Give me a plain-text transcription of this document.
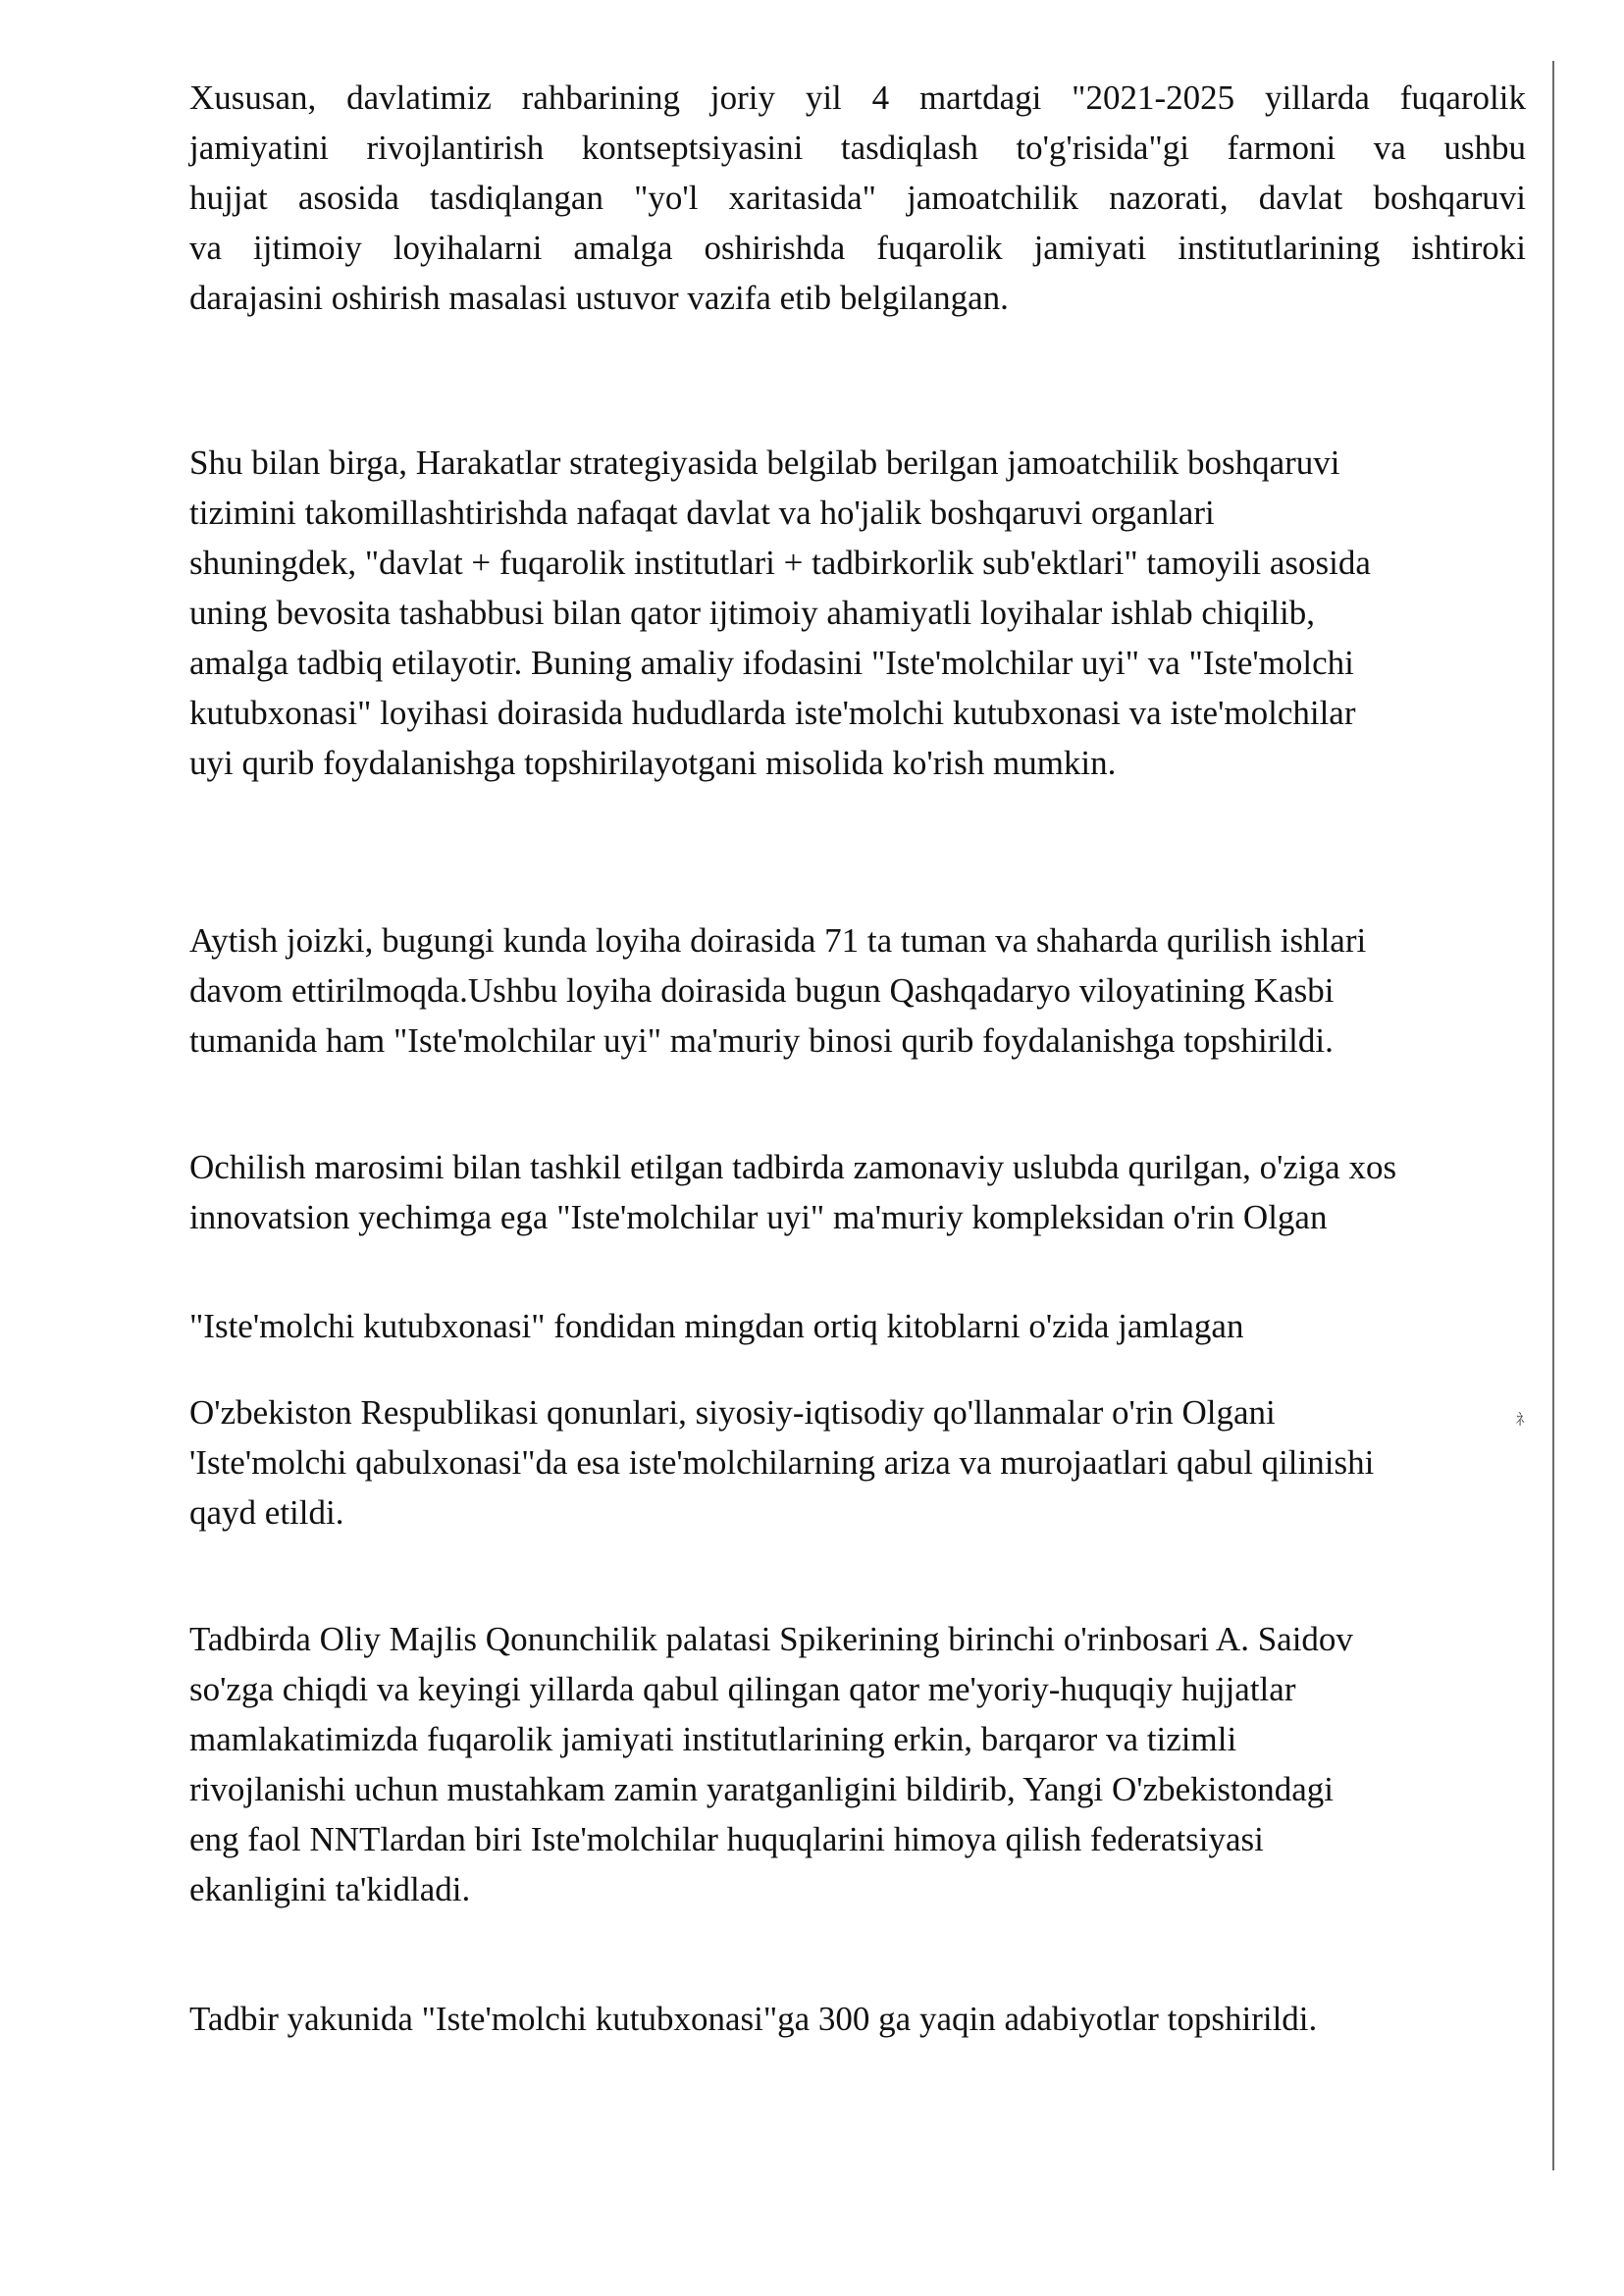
ﾈ

Xususan, davlatimiz rahbarining joriy yil 4 martdagi "2021-2025 yillarda fuqarolik
jamiyatini rivojlantirish kontseptsiyasini tasdiqlash to'g'risida"gi farmoni va ushbu
hujjat asosida tasdiqlangan "yo'l xaritasida" jamoatchilik nazorati, davlat boshqaruvi
va ijtimoiy loyihalarni amalga oshirishda fuqarolik jamiyati institutlarining ishtiroki
darajasini oshirish masalasi ustuvor vazifa etib belgilangan.

Shu bilan birga, Harakatlar strategiyasida belgilab berilgan jamoatchilik boshqaruvi
tizimini takomillashtirishda nafaqat davlat va ho'jalik boshqaruvi organlari
shuningdek, "davlat + fuqarolik institutlari + tadbirkorlik sub'ektlari" tamoyili asosida
uning bevosita tashabbusi bilan qator ijtimoiy ahamiyatli loyihalar ishlab chiqilib,
amalga tadbiq etilayotir. Buning amaliy ifodasini "Iste'molchilar uyi" va "Iste'molchi
kutubxonasi" loyihasi doirasida hududlarda iste'molchi kutubxonasi va iste'molchilar
uyi qurib foydalanishga topshirilayotgani misolida ko'rish mumkin.

Aytish joizki, bugungi kunda loyiha doirasida 71 ta tuman va shaharda qurilish ishlari
davom ettirilmoqda.Ushbu loyiha doirasida bugun Qashqadaryo viloyatining Kasbi
tumanida ham "Iste'molchilar uyi" ma'muriy binosi qurib foydalanishga topshirildi.

Ochilish marosimi bilan tashkil etilgan tadbirda zamonaviy uslubda qurilgan, o'ziga xos
innovatsion yechimga ega "Iste'molchilar uyi" ma'muriy kompleksidan o'rin Olgan

"Iste'molchi kutubxonasi" fondidan mingdan ortiq kitoblarni o'zida jamlagan

O'zbekiston Respublikasi qonunlari, siyosiy-iqtisodiy qo'llanmalar o'rin Olgani
'Iste'molchi qabulxonasi"da esa iste'molchilarning ariza va murojaatlari qabul qilinishi
qayd etildi.

Tadbirda Oliy Majlis Qonunchilik palatasi Spikerining birinchi o'rinbosari A. Saidov
so'zga chiqdi va keyingi yillarda qabul qilingan qator me'yoriy-huquqiy hujjatlar
mamlakatimizda fuqarolik jamiyati institutlarining erkin, barqaror va tizimli
rivojlanishi uchun mustahkam zamin yaratganligini bildirib, Yangi O'zbekistondagi
eng faol NNTlardan biri Iste'molchilar huquqlarini himoya qilish federatsiyasi
ekanligini ta'kidladi.

Tadbir yakunida "Iste'molchi kutubxonasi"ga 300 ga yaqin adabiyotlar topshirildi.
